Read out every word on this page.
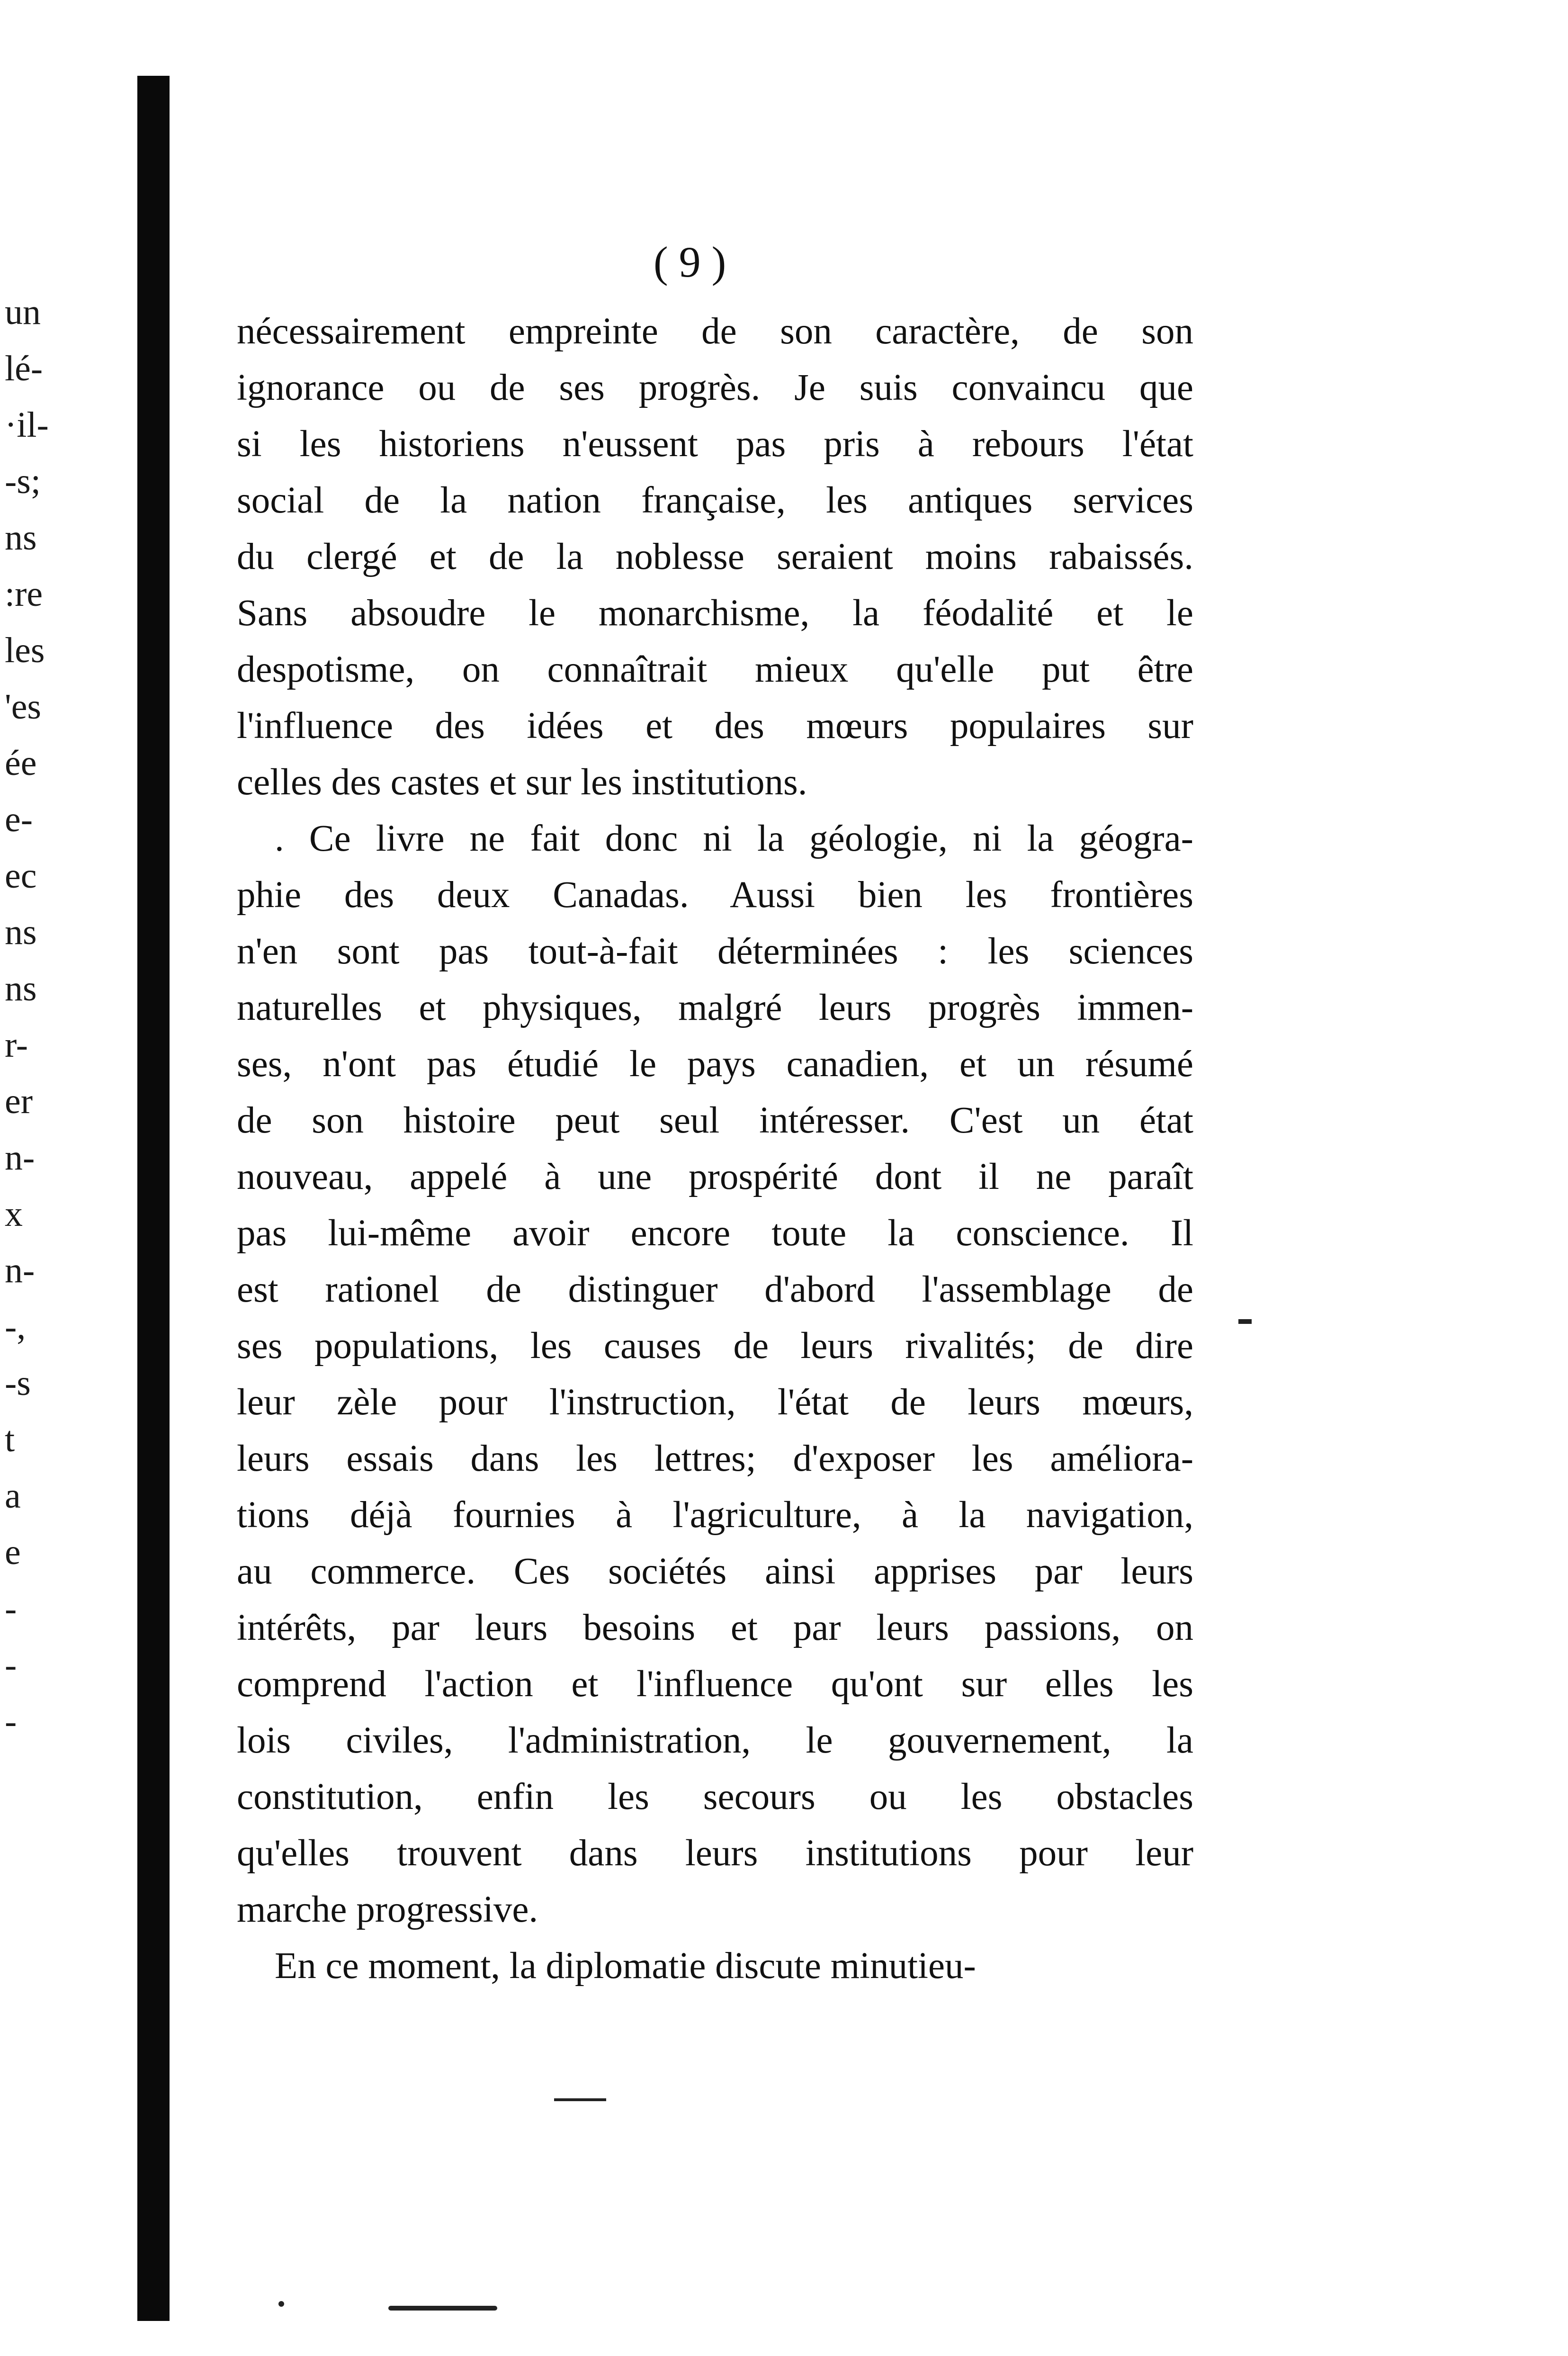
un
lé-
·il-
-s;
ns
:re
les
'es
ée
e-
ec
ns
ns
r-
er
n-
x
n-
-,
-s
t
a
e
-
-
-
( 9 )
nécessairement empreinte de son caractère, de son
ignorance ou de ses progrès. Je suis convaincu que
si les historiens n'eussent pas pris à rebours l'état
social de la nation française, les antiques services
du clergé et de la noblesse seraient moins rabaissés.
Sans absoudre le monarchisme, la féodalité et le
despotisme, on connaîtrait mieux qu'elle put être
l'influence des idées et des mœurs populaires sur
celles des castes et sur les institutions.
. Ce livre ne fait donc ni la géologie, ni la géogra-
phie des deux Canadas. Aussi bien les frontières
n'en sont pas tout-à-fait déterminées : les sciences
naturelles et physiques, malgré leurs progrès immen-
ses, n'ont pas étudié le pays canadien, et un résumé
de son histoire peut seul intéresser. C'est un état
nouveau, appelé à une prospérité dont il ne paraît
pas lui-même avoir encore toute la conscience. Il
est rationel de distinguer d'abord l'assemblage de
ses populations, les causes de leurs rivalités; de dire
leur zèle pour l'instruction, l'état de leurs mœurs,
leurs essais dans les lettres; d'exposer les améliora-
tions déjà fournies à l'agriculture, à la navigation,
au commerce. Ces sociétés ainsi apprises par leurs
intérêts, par leurs besoins et par leurs passions, on
comprend l'action et l'influence qu'ont sur elles les
lois civiles, l'administration, le gouvernement, la
constitution, enfin les secours ou les obstacles
qu'elles trouvent dans leurs institutions pour leur
marche progressive.
En ce moment, la diplomatie discute minutieu-
